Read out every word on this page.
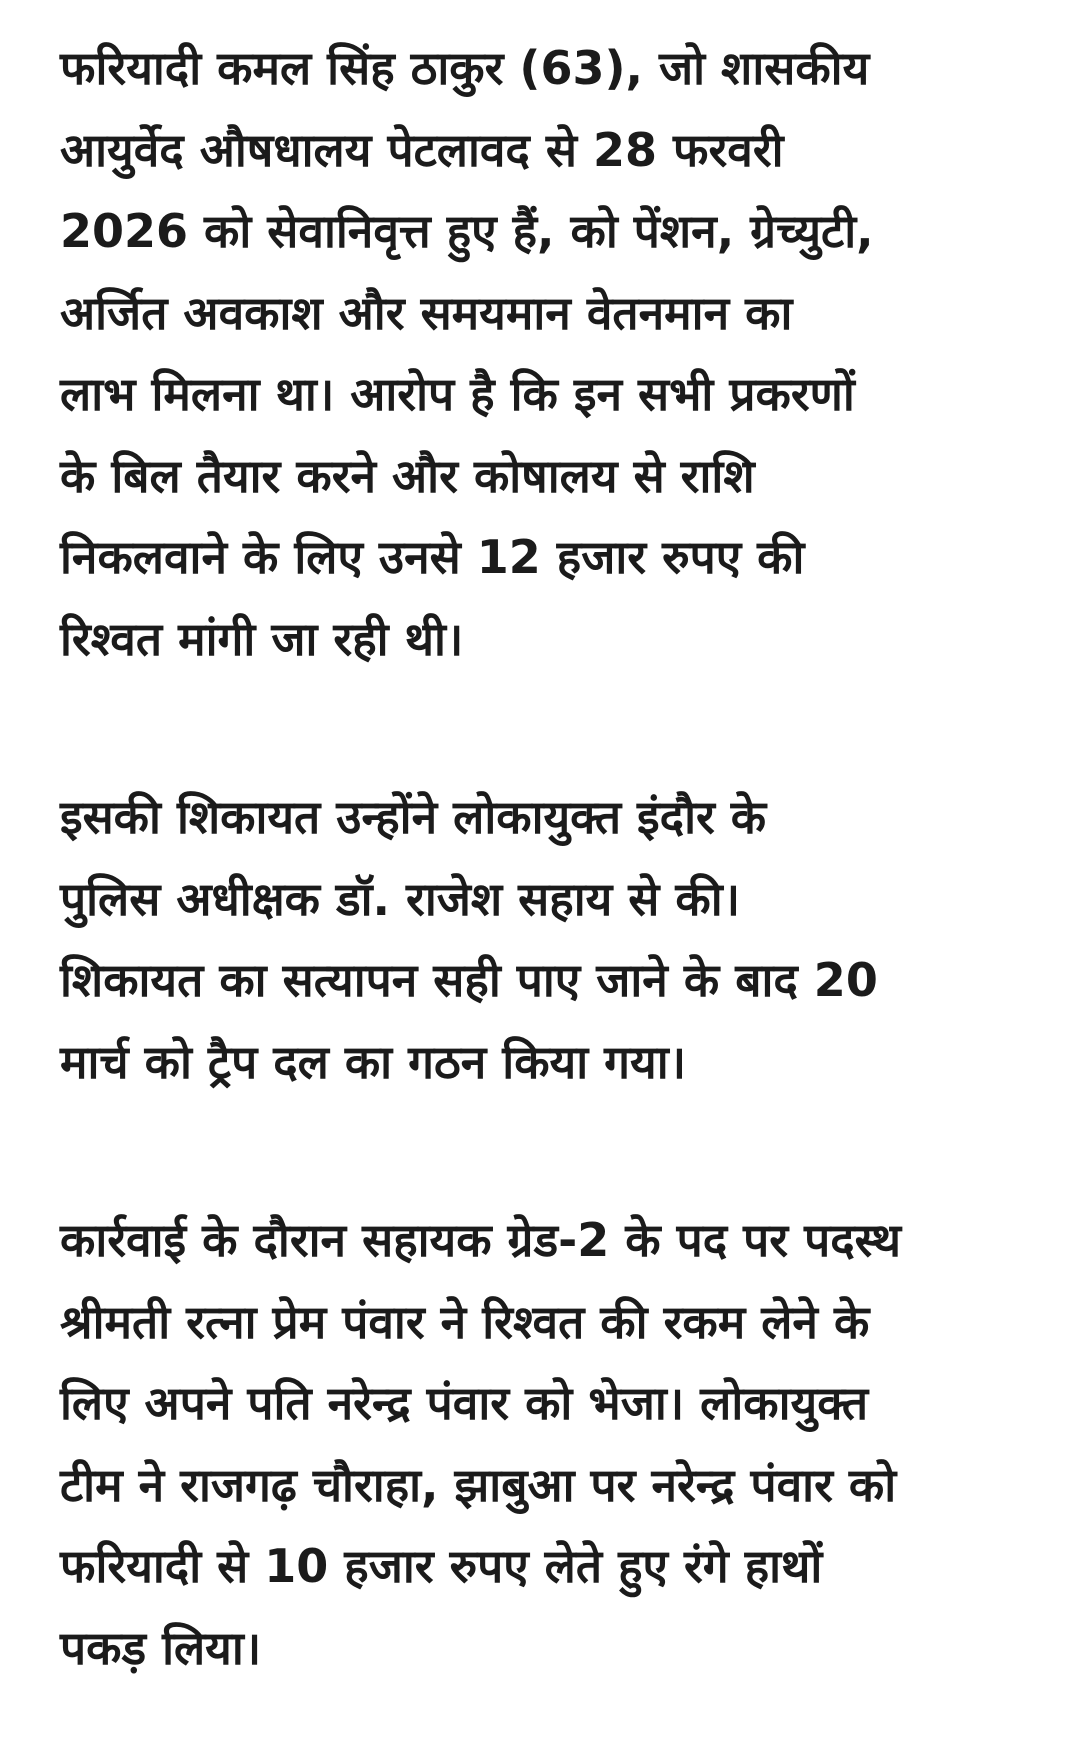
फरियादी कमल सिंह ठाकुर (63), जो शासकीय
आयुर्वेद औषधालय पेटलावद से 28 फरवरी
2026 को सेवानिवृत्त हुए हैं, को पेंशन, ग्रेच्युटी,
अर्जित अवकाश और समयमान वेतनमान का
लाभ मिलना था। आरोप है कि इन सभी प्रकरणों
के बिल तैयार करने और कोषालय से राशि
निकलवाने के लिए उनसे 12 हजार रुपए की
रिश्वत मांगी जा रही थी।

इसकी शिकायत उन्होंने लोकायुक्त इंदौर के
पुलिस अधीक्षक डॉ. राजेश सहाय से की।
शिकायत का सत्यापन सही पाए जाने के बाद 20
मार्च को ट्रैप दल का गठन किया गया।

कार्रवाई के दौरान सहायक ग्रेड-2 के पद पर पदस्थ
श्रीमती रत्ना प्रेम पंवार ने रिश्वत की रकम लेने के
लिए अपने पति नरेन्द्र पंवार को भेजा। लोकायुक्त
टीम ने राजगढ़ चौराहा, झाबुआ पर नरेन्द्र पंवार को
फरियादी से 10 हजार रुपए लेते हुए रंगे हाथों
पकड़ लिया।
